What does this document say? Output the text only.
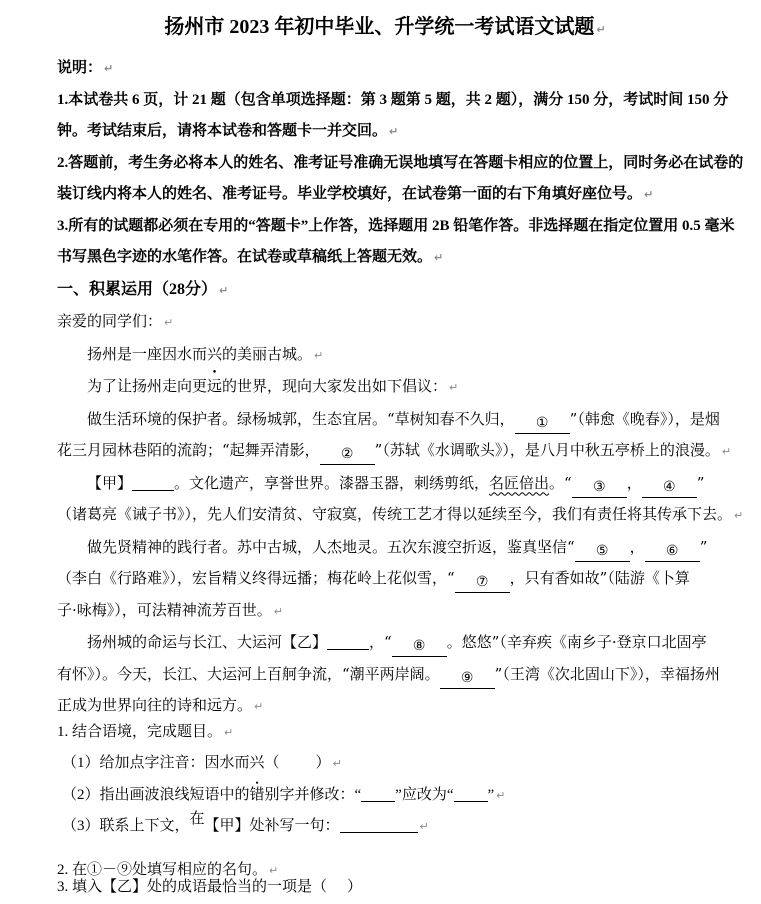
扬州市 2023 年初中毕业、升学统一考试语文试题 ↵
说明： ↵
1.本试卷共 6 页，计 21 题（包含单项选择题：第 3 题第 5 题，共 2 题），满分 150 分，考试时间 150 分
钟。考试结束后，请将本试卷和答题卡一并交回。 ↵
2.答题前，考生务必将本人的姓名、准考证号准确无误地填写在答题卡相应的位置上，同时务必在试卷的
装订线内将本人的姓名、准考证号。毕业学校填好，在试卷第一面的右下角填好座位号。 ↵
3.所有的试题都必须在专用的“答题卡”上作答，选择题用 2B 铅笔作答。非选择题在指定位置用 0.5 毫米
书写黑色字迹的水笔作答。在试卷或草稿纸上答题无效。 ↵
一、积累运用（28分） ↵
亲爱的同学们： ↵
扬州是一座因水而兴的美丽古城。 ↵
为了让扬州走向更远的世界，现向大家发出如下倡议： ↵
做生活环境的保护者。绿杨城郭，生态宜居。“草树知春不久归， ① ”（韩愈《晚春》），是烟
花三月园林巷陌的流韵；“起舞弄清影， ② ”（苏轼《水调歌头》），是八月中秋五亭桥上的浪漫。 ↵
【甲】	。文化遗产，享誉世界。漆器玉器，刺绣剪纸，名匠倍出。“ ③ ， ④ ”
（诸葛亮《诫子书》），先人们安清贫、守寂寞，传统工艺才得以延续至今，我们有责任将其传承下去。 ↵
做先贤精神的践行者。苏中古城，人杰地灵。五次东渡空折返，鉴真坚信“ ⑤ ， ⑥ ”
（李白《行路难》），宏旨精义终得远播；梅花岭上花似雪，“ ⑦ ，只有香如故”（陆游《卜算
子·咏梅》），可法精神流芳百世。 ↵
扬州城的命运与长江、大运河【乙】	，“ ⑧ 。悠悠”（辛弃疾《南乡子·登京口北固亭
有怀》）。今天，长江、大运河上百舸争流，“潮平两岸阔。 ⑨ ”（王湾《次北固山下》），幸福扬州
正成为世界向往的诗和远方。 ↵
1. 结合语境，完成题目。 ↵
（1）给加点字注音：因水而兴（ ） ↵
（2）指出画波浪线短语中的错别字并修改：“ ”应改为“ ” ↵
（3）联系上下文，在【甲】处补写一句：	↵
2. 在①－⑨处填写相应的名句。 ↵
3. 填入【乙】处的成语最恰当的一项是（ ）
